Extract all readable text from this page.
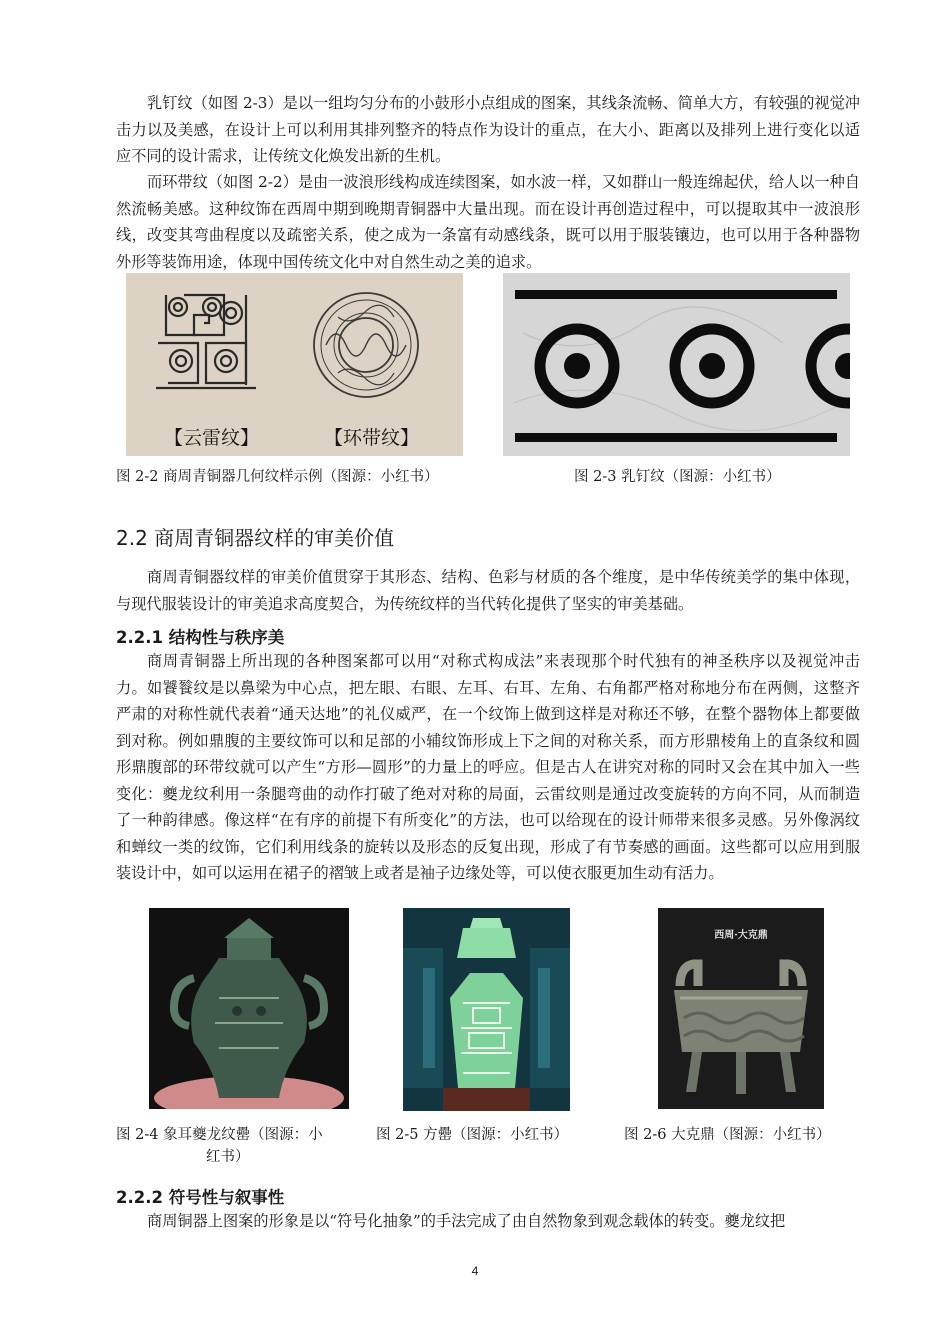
乳钉纹（如图 2-3）是以一组均匀分布的小鼓形小点组成的图案，其线条流畅、简单大方，有较强的视觉冲击力以及美感，在设计上可以利用其排列整齐的特点作为设计的重点，在大小、距离以及排列上进行变化以适应不同的设计需求，让传统文化焕发出新的生机。

而环带纹（如图 2-2）是由一波浪形线构成连续图案，如水波一样，又如群山一般连绵起伏，给人以一种自然流畅美感。这种纹饰在西周中期到晚期青铜器中大量出现。而在设计再创造过程中，可以提取其中一波浪形线，改变其弯曲程度以及疏密关系，使之成为一条富有动感线条，既可以用于服装镶边，也可以用于各种器物外形等装饰用途，体现中国传统文化中对自然生动之美的追求。

【云雷纹】	【环带纹】

图 2-2 商周青铜器几何纹样示例（图源：小红书）	图 2-3 乳钉纹（图源：小红书）

2.2 商周青铜器纹样的审美价值

商周青铜器纹样的审美价值贯穿于其形态、结构、色彩与材质的各个维度，是中华传统美学的集中体现，与现代服装设计的审美追求高度契合，为传统纹样的当代转化提供了坚实的审美基础。

2.2.1 结构性与秩序美

商周青铜器上所出现的各种图案都可以用“对称式构成法”来表现那个时代独有的神圣秩序以及视觉冲击力。如饕餮纹是以鼻梁为中心点，把左眼、右眼、左耳、右耳、左角、右角都严格对称地分布在两侧，这整齐严肃的对称性就代表着“通天达地”的礼仪威严，在一个纹饰上做到这样是对称还不够，在整个器物体上都要做到对称。例如鼎腹的主要纹饰可以和足部的小辅纹饰形成上下之间的对称关系，而方形鼎棱角上的直条纹和圆形鼎腹部的环带纹就可以产生“方形—圆形”的力量上的呼应。但是古人在讲究对称的同时又会在其中加入一些变化：夔龙纹利用一条腿弯曲的动作打破了绝对对称的局面，云雷纹则是通过改变旋转的方向不同，从而制造了一种韵律感。像这样“在有序的前提下有所变化”的方法，也可以给现在的设计师带来很多灵感。另外像涡纹和蝉纹一类的纹饰，它们利用线条的旋转以及形态的反复出现，形成了有节奏感的画面。这些都可以应用到服装设计中，如可以运用在裙子的褶皱上或者是袖子边缘处等，可以使衣服更加生动有活力。

图 2-4 象耳夔龙纹罍（图源：小
红书）

图 2-5 方罍（图源：小红书）

西周·大克鼎

图 2-6 大克鼎（图源：小红书）

2.2.2 符号性与叙事性

商周铜器上图案的形象是以“符号化抽象”的手法完成了由自然物象到观念载体的转变。夔龙纹把

4
